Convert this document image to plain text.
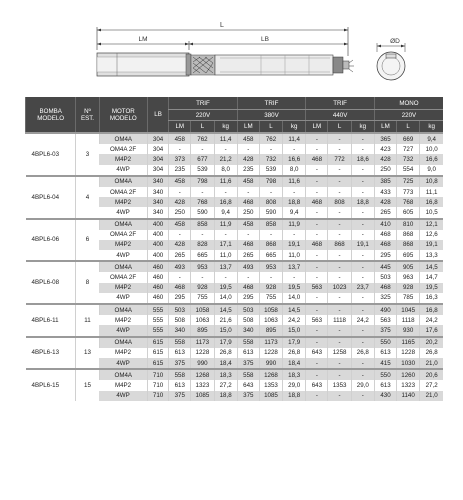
L
LM	LB	ØD
BOMBA
MODELO	Nº
EST.	MOTOR
MODELO	LB	TRIF			TRIF			TRIF			MONO		
				220V			380V			440V			220V		
				LM	L	kg	LM	L	kg	LM	L	kg	LM	L	kg
4BPL6-03	3	OM4A	304	458	762	11,4	458	762	11,4	-	-	-	365	669	9,4
		OM4A 2F	304	-	-	-	-	-	-	-	-	-	423	727	10,0
		M4P2	304	373	677	21,2	428	732	16,6	468	772	18,6	428	732	16,6
		4WP	304	235	539	8,0	235	539	8,0	-	-	-	250	554	9,0
4BPL6-04	4	OM4A	340	458	798	11,6	458	798	11,6	-	-	-	385	725	10,8
		OM4A 2F	340	-	-	-	-	-	-	-	-	-	433	773	11,1
		M4P2	340	428	768	16,8	468	808	18,8	468	808	18,8	428	768	16,8
		4WP	340	250	590	9,4	250	590	9,4	-	-	-	265	605	10,5
4BPL6-06	6	OM4A	400	458	858	11,9	458	858	11,9	-	-	-	410	810	12,1
		OM4A 2F	400	-	-	-	-	-	-	-	-	-	468	868	12,6
		M4P2	400	428	828	17,1	468	868	19,1	468	868	19,1	468	868	19,1
		4WP	400	265	665	11,0	265	665	11,0	-	-	-	295	695	13,3
4BPL6-08	8	OM4A	460	493	953	13,7	493	953	13,7	-	-	-	445	905	14,5
		OM4A 2F	460	-	-	-	-	-	-	-	-	-	503	963	14,7
		M4P2	460	468	928	19,5	468	928	19,5	563	1023	23,7	468	928	19,5
		4WP	460	295	755	14,0	295	755	14,0	-	-	-	325	785	16,3
4BPL6-11	11	OM4A	555	503	1058	14,5	503	1058	14,5	-	-	-	490	1045	16,8
		M4P2	555	508	1063	21,6	508	1063	24,2	563	1118	24,2	563	1118	24,2
		4WP	555	340	895	15,0	340	895	15,0	-	-	-	375	930	17,6
4BPL6-13	13	OM4A	615	558	1173	17,9	558	1173	17,9	-	-	-	550	1165	20,2
		M4P2	615	613	1228	26,8	613	1228	26,8	643	1258	26,8	613	1228	26,8
		4WP	615	375	990	18,4	375	990	18,4	-	-	-	415	1030	21,0
4BPL6-15	15	OM4A	710	558	1268	18,3	558	1268	18,3	-	-	-	550	1260	20,6
		M4P2	710	613	1323	27,2	643	1353	29,0	643	1353	29,0	613	1323	27,2
		4WP	710	375	1085	18,8	375	1085	18,8	-	-	-	430	1140	21,0
